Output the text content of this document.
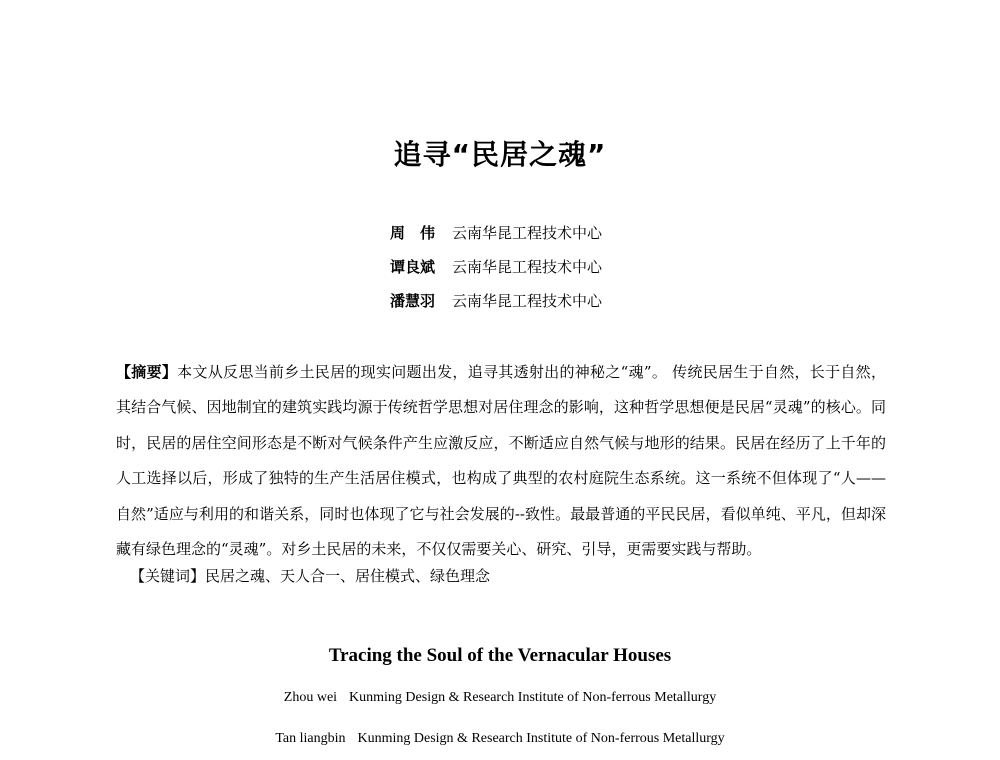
追寻“民居之魂”
周　伟 云南华昆工程技术中心
谭良斌 云南华昆工程技术中心
潘慧羽 云南华昆工程技术中心
【摘要】本文从反思当前乡土民居的现实问题出发，追寻其透射出的神秘之“魂”。 传统民居生于自然，长于自然，其结合气候、因地制宜的建筑实践均源于传统哲学思想对居住理念的影响，这种哲学思想便是民居“灵魂”的核心。同时，民居的居住空间形态是不断对气候条件产生应激反应，不断适应自然气候与地形的结果。民居在经历了上千年的人工选择以后，形成了独特的生产生活居住模式，也构成了典型的农村庭院生态系统。这一系统不但体现了“人——自然”适应与利用的和谐关系，同时也体现了它与社会发展的--致性。最最普通的平民民居，看似单纯、平凡，但却深藏有绿色理念的“灵魂”。对乡土民居的未来，不仅仅需要关心、研究、引导，更需要实践与帮助。
【关键词】民居之魂、天人合一、居住模式、绿色理念
Tracing the Soul of the Vernacular Houses
Zhou wei Kunming Design & Research Institute of Non-ferrous Metallurgy
Tan liangbin Kunming Design & Research Institute of Non-ferrous Metallurgy
